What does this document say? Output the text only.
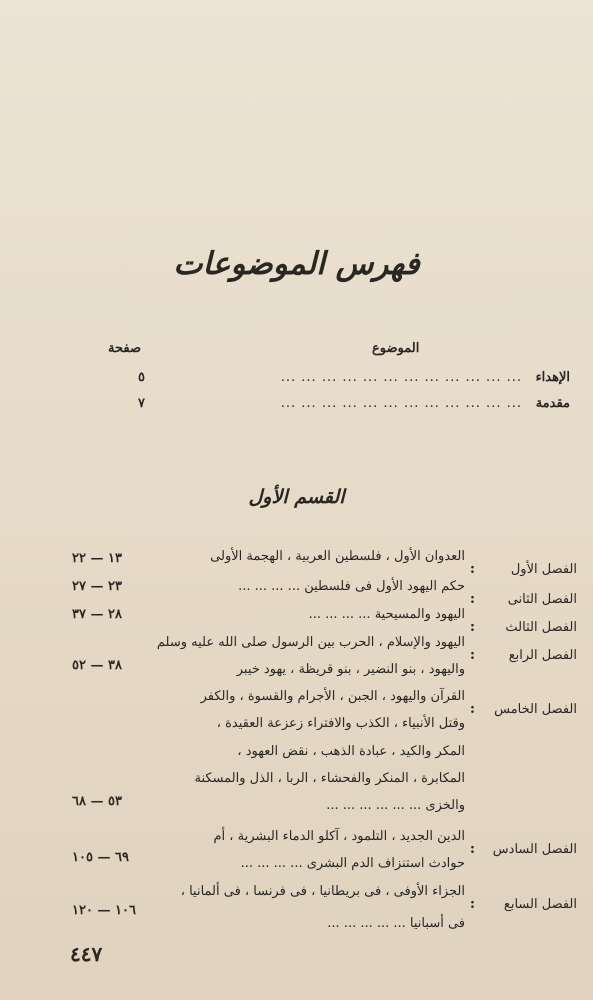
فهرس الموضوعات
الموضوع
صفحة
الإهداء
... ... ... ... ... ... ... ... ... ... ... ...
٥
مقدمة
... ... ... ... ... ... ... ... ... ... ... ...
٧
القسم الأول
الفصل الأول
:
العدوان الأول ، فلسطين العربية ، الهجمة الأولى
١٣ — ٢٢
الفصل الثانى
:
حكم اليهود الأول فى فلسطين ... ... ... ...
٢٣ — ٢٧
الفصل الثالث
:
اليهود والمسيحية ... ... ... ...
٢٨ — ٣٧
الفصل الرابع
:
اليهود والإسلام ، الحرب بين الرسول صلى الله عليه وسلم
واليهود ، بنو النضير ، بنو قريظة ، يهود خيبر
٣٨ — ٥٢
الفصل الخامس
:
القرآن واليهود ، الجبن ، الأجرام والقسوة ، والكفر
وقتل الأنبياء ، الكذب والافتراء زعزعة العقيدة ،
المكر والكيد ، عبادة الذهب ، نقض العهود ،
المكابرة ، المنكر والفحشاء ، الربا ، الذل والمسكنة
والخزى ... ... ... ... ... ...
٥٣ — ٦٨
الفصل السادس
:
الدين الجديد ، التلمود ، آكلو الدماء البشرية ، أم
حوادث استنزاف الدم البشرى ... ... ... ...
٦٩ — ١٠٥
الفصل السابع
:
الجزاء الأوفى ، فى بريطانيا ، فى فرنسا ، فى ألمانيا ،
فى أسبانيا ... ... ... ... ...
١٠٦ — ١٢٠
٤٤٧
